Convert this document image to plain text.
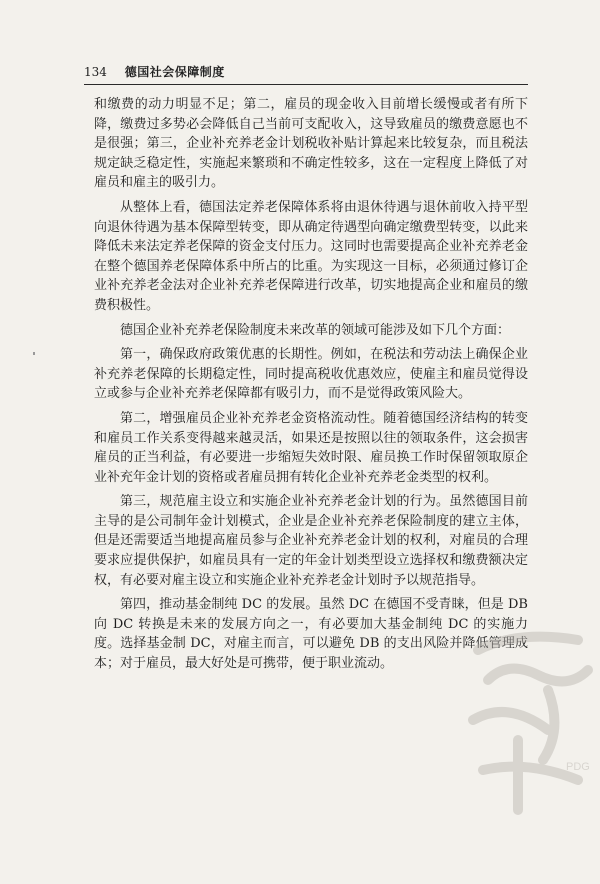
134 德国社会保障制度

和缴费的动力明显不足；第二，雇员的现金收入目前增长缓慢或者有所下降，缴费过多势必会降低自己当前可支配收入，这导致雇员的缴费意愿也不是很强；第三，企业补充养老金计划税收补贴计算起来比较复杂，而且税法规定缺乏稳定性，实施起来繁琐和不确定性较多，这在一定程度上降低了对雇员和雇主的吸引力。

从整体上看，德国法定养老保障体系将由退休待遇与退休前收入持平型向退休待遇为基本保障型转变，即从确定待遇型向确定缴费型转变，以此来降低未来法定养老保障的资金支付压力。这同时也需要提高企业补充养老金在整个德国养老保障体系中所占的比重。为实现这一目标，必须通过修订企业补充养老金法对企业补充养老保障进行改革，切实地提高企业和雇员的缴费积极性。

德国企业补充养老保险制度未来改革的领域可能涉及如下几个方面：

第一，确保政府政策优惠的长期性。例如，在税法和劳动法上确保企业补充养老保障的长期稳定性，同时提高税收优惠效应，使雇主和雇员觉得设立或参与企业补充养老保障都有吸引力，而不是觉得政策风险大。

第二，增强雇员企业补充养老金资格流动性。随着德国经济结构的转变和雇员工作关系变得越来越灵活，如果还是按照以往的领取条件，这会损害雇员的正当利益，有必要进一步缩短失效时限、雇员换工作时保留领取原企业补充年金计划的资格或者雇员拥有转化企业补充养老金类型的权利。

第三，规范雇主设立和实施企业补充养老金计划的行为。虽然德国目前主导的是公司制年金计划模式，企业是企业补充养老保险制度的建立主体，但是还需要适当地提高雇员参与企业补充养老金计划的权利，对雇员的合理要求应提供保护，如雇员具有一定的年金计划类型设立选择权和缴费额决定权，有必要对雇主设立和实施企业补充养老金计划时予以规范指导。

第四，推动基金制纯 DC 的发展。虽然 DC 在德国不受青睐，但是 DB 向 DC 转换是未来的发展方向之一，有必要加大基金制纯 DC 的实施力度。选择基金制 DC，对雇主而言，可以避免 DB 的支出风险并降低管理成本；对于雇员，最大好处是可携带，便于职业流动。

PDG
